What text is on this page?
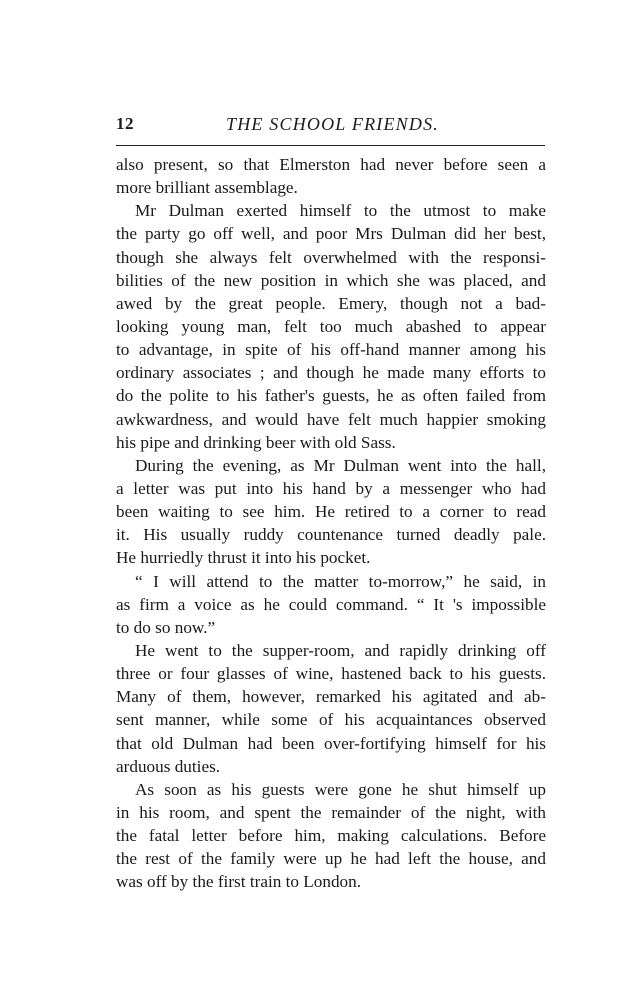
12	THE SCHOOL FRIENDS.
also present, so that Elmerston had never before seen a
more brilliant assemblage.
Mr Dulman exerted himself to the utmost to make
the party go off well, and poor Mrs Dulman did her best,
though she always felt overwhelmed with the responsi-
bilities of the new position in which she was placed, and
awed by the great people. Emery, though not a bad-
looking young man, felt too much abashed to appear
to advantage, in spite of his off-hand manner among his
ordinary associates ; and though he made many efforts to
do the polite to his father's guests, he as often failed from
awkwardness, and would have felt much happier smoking
his pipe and drinking beer with old Sass.
During the evening, as Mr Dulman went into the hall,
a letter was put into his hand by a messenger who had
been waiting to see him. He retired to a corner to read
it. His usually ruddy countenance turned deadly pale.
He hurriedly thrust it into his pocket.
“ I will attend to the matter to-morrow,” he said, in
as firm a voice as he could command. “ It 's impossible
to do so now.”
He went to the supper-room, and rapidly drinking off
three or four glasses of wine, hastened back to his guests.
Many of them, however, remarked his agitated and ab-
sent manner, while some of his acquaintances observed
that old Dulman had been over-fortifying himself for his
arduous duties.
As soon as his guests were gone he shut himself up
in his room, and spent the remainder of the night, with
the fatal letter before him, making calculations. Before
the rest of the family were up he had left the house, and
was off by the first train to London.
